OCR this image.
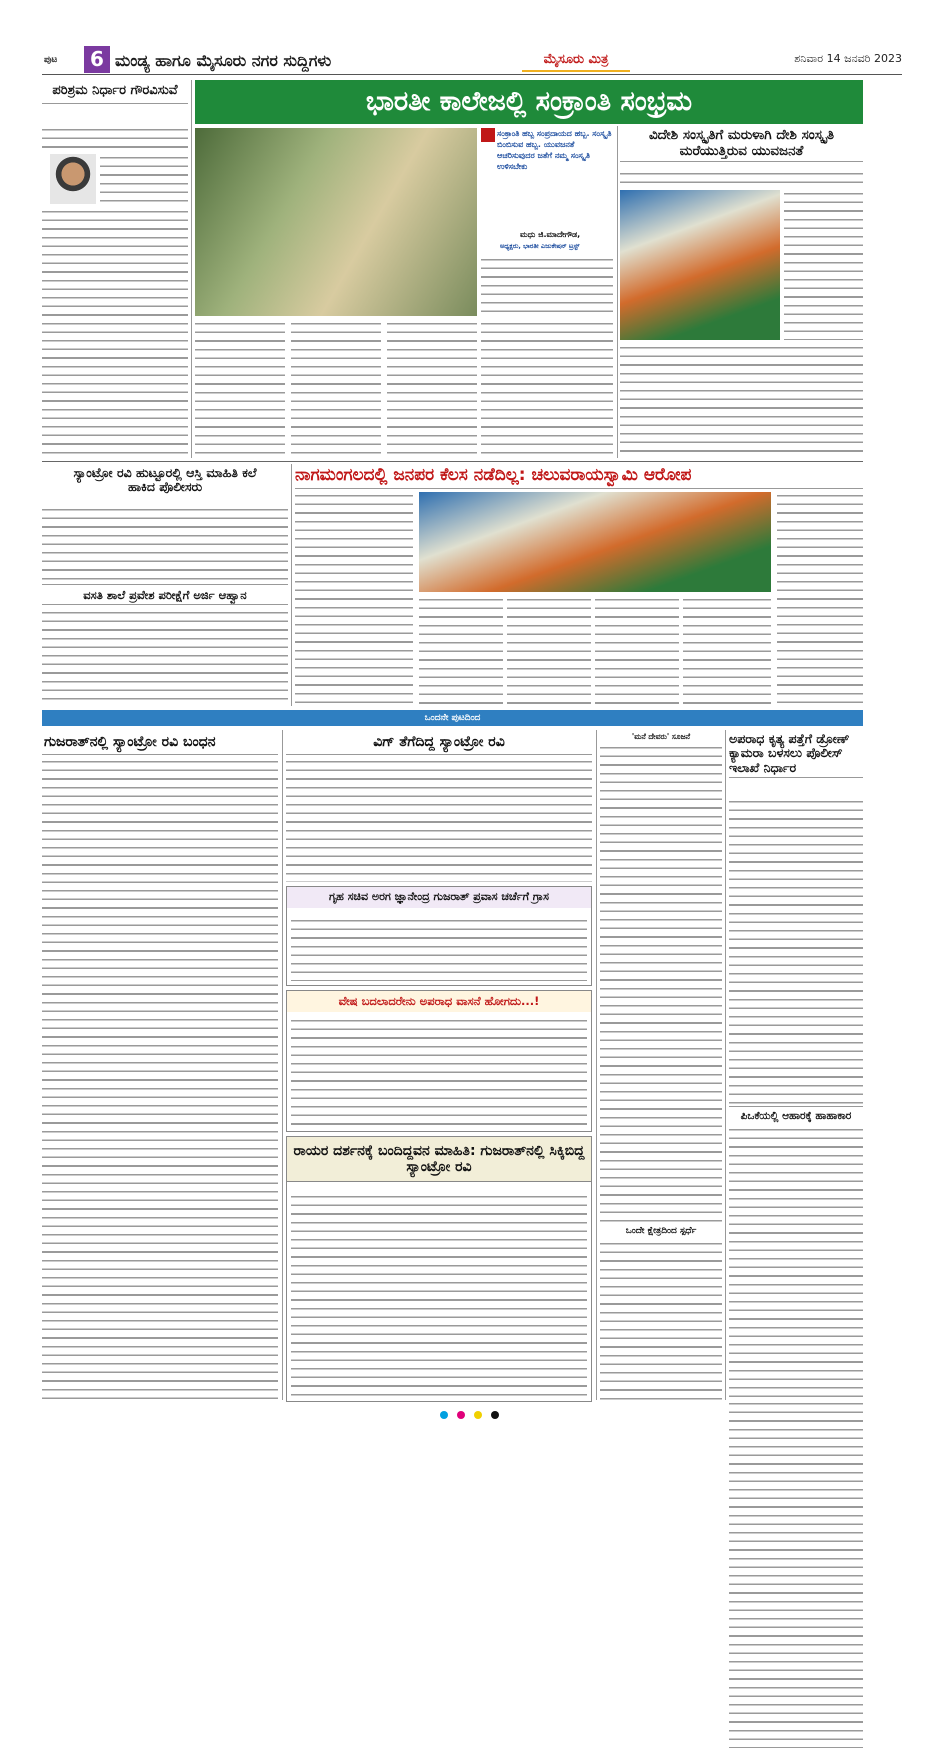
ಪುಟ	6 ಮಂಡ್ಯ ಹಾಗೂ ಮೈಸೂರು ನಗರ ಸುದ್ದಿಗಳು	ಮೈಸೂರು ಮಿತ್ರ	ಶನಿವಾರ 14 ಜನವರಿ 2023
ಪರಿಶ್ರಮ ನಿರ್ಧಾರ ಗೌರವಿಸುವೆ	ಭಾರತೀ ಕಾಲೇಜಲ್ಲಿ ಸಂಕ್ರಾಂತಿ ಸಂಭ್ರಮ
ಸಂಕ್ರಾಂತಿ ಹಬ್ಬ ಸಂಪ್ರದಾಯದ ಹಬ್ಬ. ಸಂಸ್ಕೃತಿ ಬಿಂಬಿಸುವ ಹಬ್ಬ. ಯುವಜನತೆ ಆಚರಿಸುವುದರ ಜತೆಗೆ ನಮ್ಮ ಸಂಸ್ಕೃತಿ ಉಳಿಸಬೇಕು
ಮಧು ಜಿ.ಮಾದೇಗೌಡ,
ಅಧ್ಯಕ್ಷರು, ಭಾರತೀ ಎಜುಕೇಷನ್ ಟ್ರಸ್ಟ್
ವಿದೇಶಿ ಸಂಸ್ಕೃತಿಗೆ ಮರುಳಾಗಿ ದೇಶಿ ಸಂಸ್ಕೃತಿ ಮರೆಯುತ್ತಿರುವ ಯುವಜನತೆ
ಸ್ಯಾಂಟ್ರೋ ರವಿ ಹುಟ್ಟೂರಲ್ಲಿ ಆಸ್ತಿ ಮಾಹಿತಿ ಕಲೆ ಹಾಕಿದ ಪೊಲೀಸರು
ವಸತಿ ಶಾಲೆ ಪ್ರವೇಶ ಪರೀಕ್ಷೆಗೆ ಅರ್ಜಿ ಆಹ್ವಾನ
ನಾಗಮಂಗಲದಲ್ಲಿ ಜನಪರ ಕೆಲಸ ನಡೆದಿಲ್ಲ: ಚಲುವರಾಯಸ್ವಾಮಿ ಆರೋಪ
ಒಂದನೇ ಪುಟದಿಂದ
ಗುಜರಾತ್‌ನಲ್ಲಿ ಸ್ಯಾಂಟ್ರೋ ರವಿ ಬಂಧನ	ವಿಗ್ ತೆಗೆದಿದ್ದ ಸ್ಯಾಂಟ್ರೋ ರವಿ
ಗೃಹ ಸಚಿವ ಅರಗ ಜ್ಞಾನೇಂದ್ರ ಗುಜರಾತ್ ಪ್ರವಾಸ ಚರ್ಚೆಗೆ ಗ್ರಾಸ
ವೇಷ ಬದಲಾದರೇನು ಅಪರಾಧ ವಾಸನೆ ಹೋಗದು...!
ರಾಯರ ದರ್ಶನಕ್ಕೆ ಬಂದಿದ್ದವನ ಮಾಹಿತಿ: ಗುಜರಾತ್‌ನಲ್ಲಿ ಸಿಕ್ಕಿಬಿದ್ದ ಸ್ಯಾಂಟ್ರೋ ರವಿ
'ಮನೆ ದೇವರು' ಸೂಜನೆ
ಒಂದೇ ಕ್ಷೇತ್ರದಿಂದ ಸ್ಪರ್ಧೆ
ಅಪರಾಧ ಕೃತ್ಯ ಪತ್ತೆಗೆ ಡ್ರೋಣ್ ಕ್ಯಾಮರಾ ಬಳಸಲು ಪೊಲೀಸ್ ಇಲಾಖೆ ನಿರ್ಧಾರ
ಪಿಒಕೆಯಲ್ಲಿ ಆಹಾರಕ್ಕೆ ಹಾಹಾಕಾರ
